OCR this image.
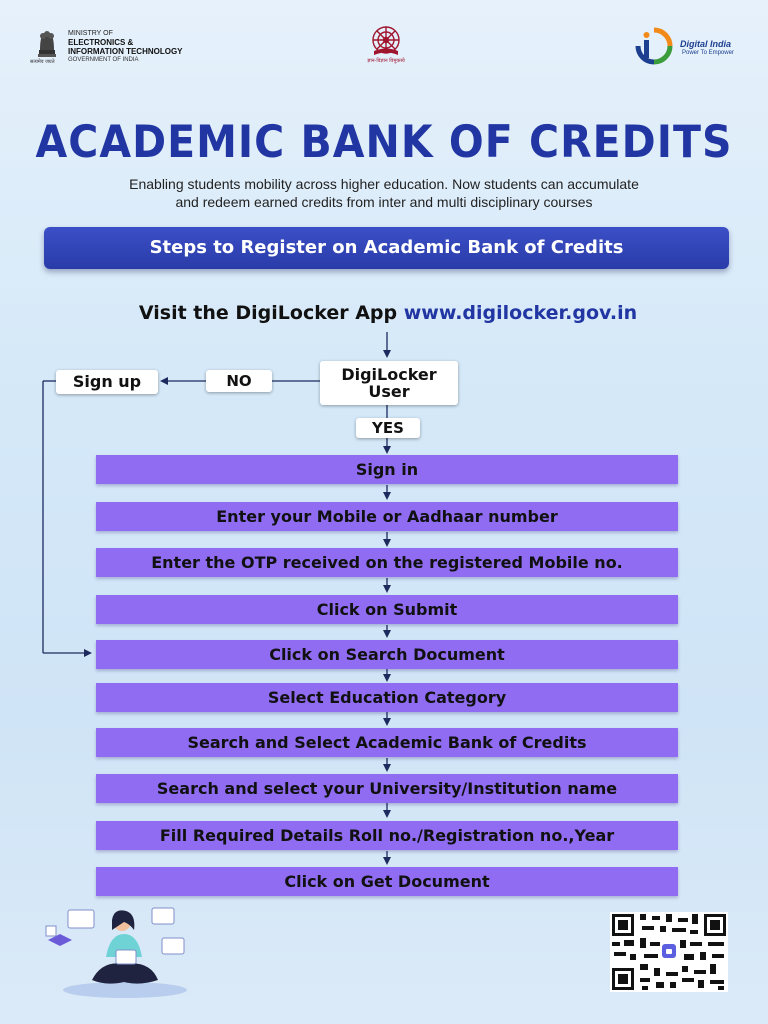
MINISTRY OF
ELECTRONICS &
INFORMATION TECHNOLOGY
GOVERNMENT OF INDIA
सत्यमेव जयते	ज्ञान-विज्ञान विमुक्तये
Digital India
Power To Empower
ACADEMIC BANK OF CREDITS
Enabling students mobility across higher education. Now students can accumulate
and redeem earned credits from inter and multi disciplinary courses
Steps to Register on Academic Bank of Credits
Visit the DigiLocker App www.digilocker.gov.in
DigiLocker
User
NO
Sign up
YES
Sign in
Enter your Mobile or Aadhaar number
Enter the OTP received on the registered Mobile no.
Click on Submit
Click on Search Document
Select Education Category
Search and Select Academic Bank of Credits
Search and select your University/Institution name
Fill Required Details Roll no./Registration no.,Year
Click on Get Document
